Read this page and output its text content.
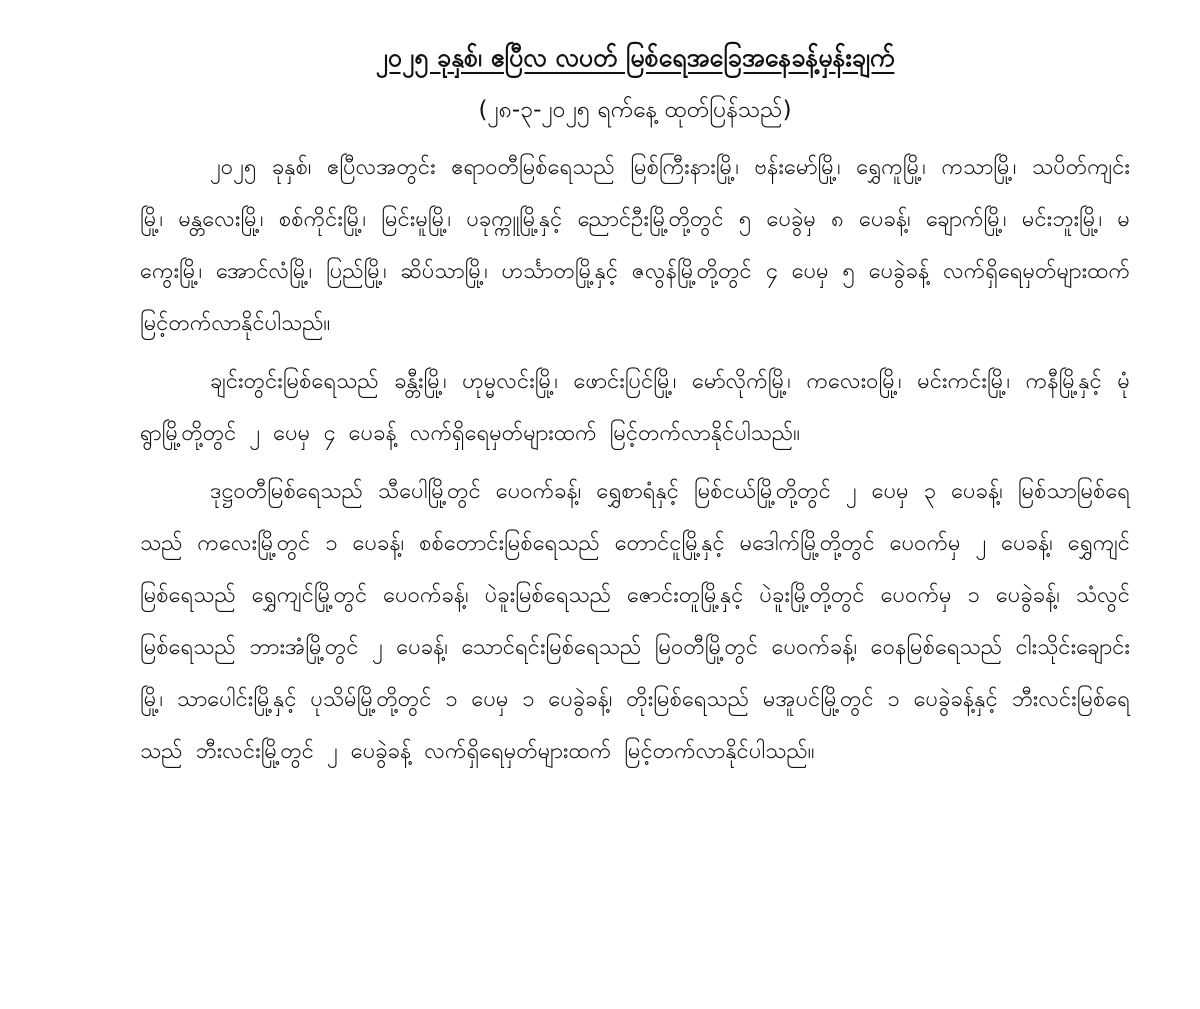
၂၀၂၅ ခုနှစ်၊ ဧပြီလ လပတ် မြစ်ရေအခြေအနေခန့်မှန်းချက်
(၂၈-၃-၂၀၂၅ ရက်နေ့ ထုတ်ပြန်သည်)

၂၀၂၅ ခုနှစ်၊ ဧပြီလအတွင်း ဧရာဝတီမြစ်ရေသည် မြစ်ကြီးနားမြို့၊ ဗန်းမော်မြို့၊ ရွှေကူမြို့၊ ကသာမြို့၊ သပိတ်ကျင်းမြို့၊ မန္တလေးမြို့၊ စစ်ကိုင်းမြို့၊ မြင်းမူမြို့၊ ပခုက္ကူမြို့နှင့် ညောင်ဦးမြို့တို့တွင် ၅ ပေခွဲမှ ၈ ပေခန့်၊ ချောက်မြို့၊ မင်းဘူးမြို့၊ မကွေးမြို့၊ အောင်လံမြို့၊ ပြည်မြို့၊ ဆိပ်သာမြို့၊ ဟင်္သာတမြို့နှင့် ဇလွန်မြို့တို့တွင် ၄ ပေမှ ၅ ပေခွဲခန့် လက်ရှိရေမှတ်များထက် မြင့်တက်လာနိုင်ပါသည်။

ချင်းတွင်းမြစ်ရေသည် ခန္တီးမြို့၊ ဟုမ္မလင်းမြို့၊ ဖောင်းပြင်မြို့၊ မော်လိုက်မြို့၊ ကလေးဝမြို့၊ မင်းကင်းမြို့၊ ကနီမြို့နှင့် မုံရွာမြို့တို့တွင် ၂ ပေမှ ၄ ပေခန့် လက်ရှိရေမှတ်များထက် မြင့်တက်လာနိုင်ပါသည်။

ဒုဋ္ဌဝတီမြစ်ရေသည် သီပေါမြို့တွင် ပေဝက်ခန့်၊ ရွှေစာရံနှင့် မြစ်ငယ်မြို့တို့တွင် ၂ ပေမှ ၃ ပေခန့်၊ မြစ်သာမြစ်ရေသည် ကလေးမြို့တွင် ၁ ပေခန့်၊ စစ်တောင်းမြစ်ရေသည် တောင်ငူမြို့နှင့် မဒေါက်မြို့တို့တွင် ပေဝက်မှ ၂ ပေခန့်၊ ရွှေကျင်မြစ်ရေသည် ရွှေကျင်မြို့တွင် ပေဝက်ခန့်၊ ပဲခူးမြစ်ရေသည် ဇောင်းတူမြို့နှင့် ပဲခူးမြို့တို့တွင် ပေဝက်မှ ၁ ပေခွဲခန့်၊ သံလွင်မြစ်ရေသည် ဘားအံမြို့တွင် ၂ ပေခန့်၊ သောင်ရင်းမြစ်ရေသည် မြဝတီမြို့တွင် ပေဝက်ခန့်၊ ဝေနမြစ်ရေသည် ငါးသိုင်းချောင်းမြို့၊ သာပေါင်းမြို့နှင့် ပုသိမ်မြို့တို့တွင် ၁ ပေမှ ၁ ပေခွဲခန့်၊ တိုးမြစ်ရေသည် မအူပင်မြို့တွင် ၁ ပေခွဲခန့်နှင့် ဘီးလင်းမြစ်ရေသည် ဘီးလင်းမြို့တွင် ၂ ပေခွဲခန့် လက်ရှိရေမှတ်များထက် မြင့်တက်လာနိုင်ပါသည်။
